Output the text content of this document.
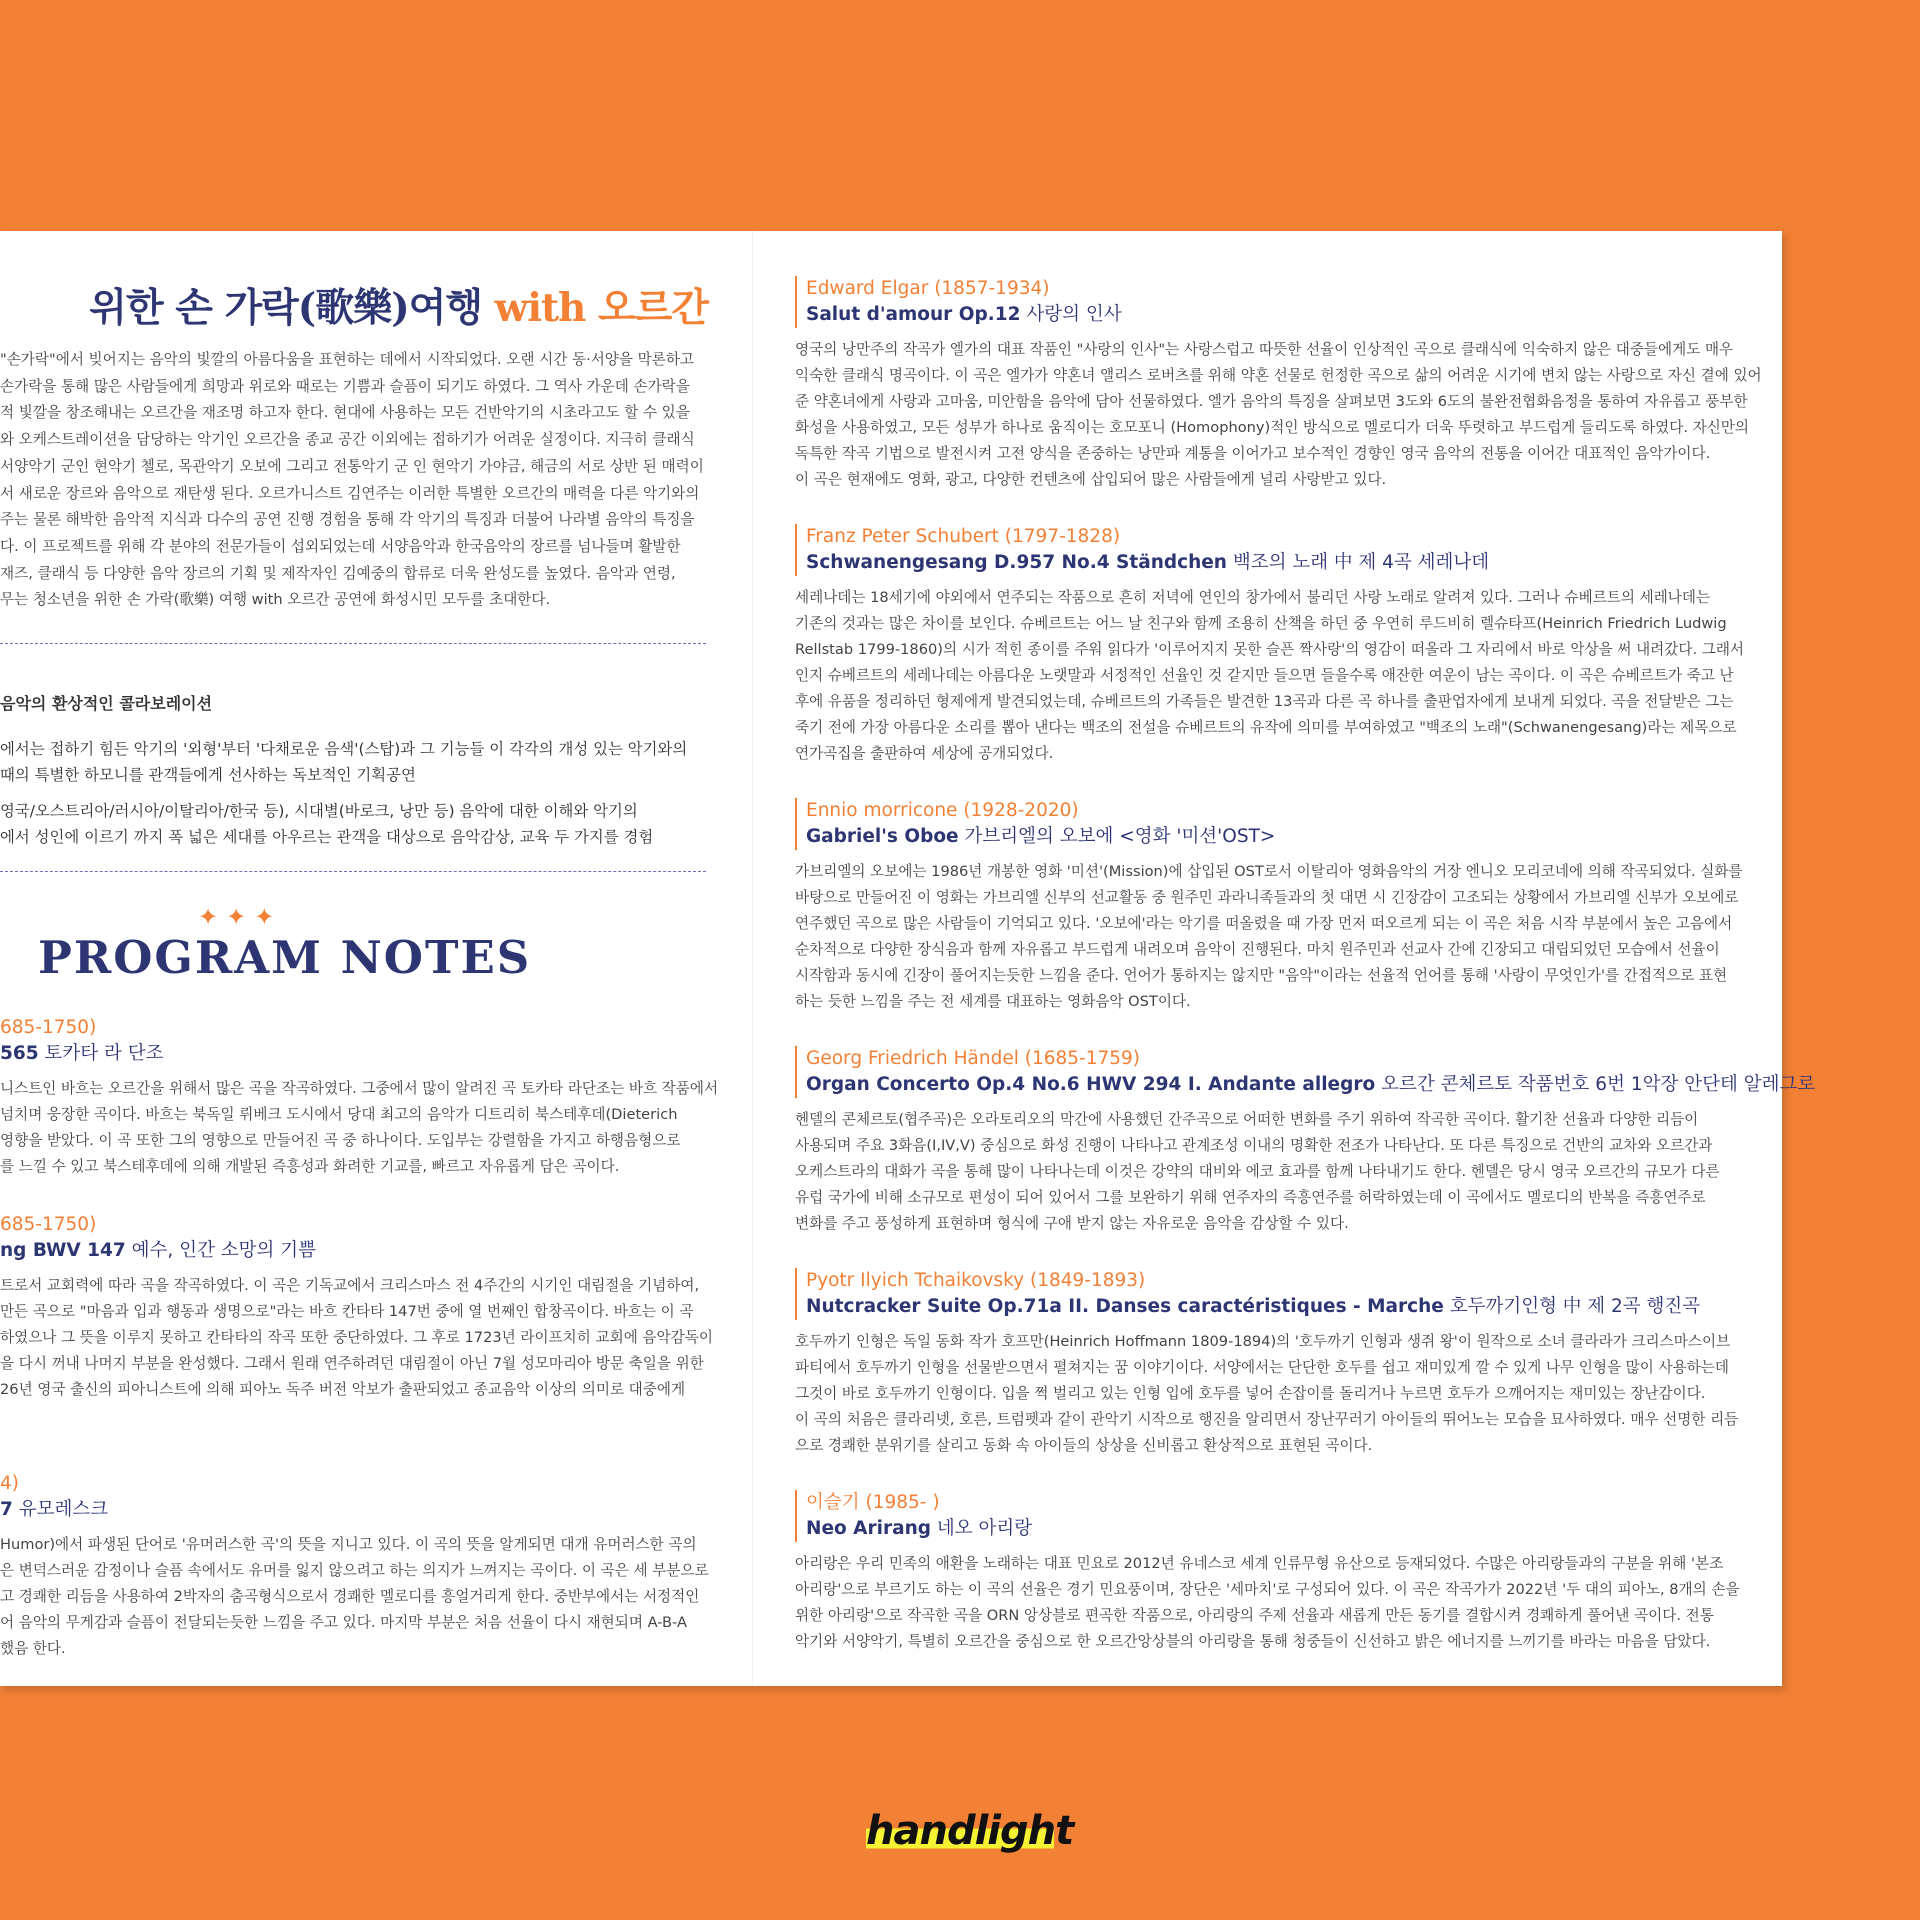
위한 손 가락(歌樂)여행 with 오르간

"손가락"에서 빚어지는 음악의 빛깔의 아름다움을 표현하는 데에서 시작되었다. 오랜 시간 동·서양을 막론하고

손가락을 통해 많은 사람들에게 희망과 위로와 때로는 기쁨과 슬픔이 되기도 하였다. 그 역사 가운데 손가락을

적 빛깔을 창조해내는 오르간을 재조명 하고자 한다. 현대에 사용하는 모든 건반악기의 시초라고도 할 수 있을

와 오케스트레이션을 담당하는 악기인 오르간을 종교 공간 이외에는 접하기가 어려운 실정이다. 지극히 클래식

서양악기 군인 현악기 첼로, 목관악기 오보에 그리고 전통악기 군 인 현악기 가야금, 해금의 서로 상반 된 매력이

서 새로운 장르와 음악으로 재탄생 된다. 오르가니스트 김연주는 이러한 특별한 오르간의 매력을 다른 악기와의

주는 물론 해박한 음악적 지식과 다수의 공연 진행 경험을 통해 각 악기의 특징과 더불어 나라별 음악의 특징을

다. 이 프로젝트를 위해 각 분야의 전문가들이 섭외되었는데 서양음악과 한국음악의 장르를 넘나들며 활발한

재즈, 클래식 등 다양한 음악 장르의 기획 및 제작자인 김예중의 합류로 더욱 완성도를 높였다. 음악과 연령,

무는 청소년을 위한 손 가락(歌樂) 여행 with 오르간 공연에 화성시민 모두를 초대한다.

음악의 환상적인 콜라보레이션

에서는 접하기 힘든 악기의 '외형'부터 '다채로운 음색'(스탑)과 그 기능들 이 각각의 개성 있는 악기와의
때의 특별한 하모니를 관객들에게 선사하는 독보적인 기획공연

영국/오스트리아/러시아/이탈리아/한국 등), 시대별(바로크, 낭만 등) 음악에 대한 이해와 악기의
에서 성인에 이르기 까지 폭 넓은 세대를 아우르는 관객을 대상으로 음악감상, 교육 두 가지를 경험

✦✦✦
PROGRAM NOTES
685-1750)
565 토카타 라 단조
니스트인 바흐는 오르간을 위해서 많은 곡을 작곡하였다. 그중에서 많이 알려진 곡 토카타 라단조는 바흐 작품에서
넘치며 웅장한 곡이다. 바흐는 북독일 뤼베크 도시에서 당대 최고의 음악가 디트리히 북스테후데(Dieterich
영향을 받았다. 이 곡 또한 그의 영향으로 만들어진 곡 중 하나이다. 도입부는 강렬함을 가지고 하행음형으로
를 느낄 수 있고 북스테후데에 의해 개발된 즉흥성과 화려한 기교를, 빠르고 자유롭게 담은 곡이다.
685-1750)
ng BWV 147 예수, 인간 소망의 기쁨
트로서 교회력에 따라 곡을 작곡하였다. 이 곡은 기독교에서 크리스마스 전 4주간의 시기인 대림절을 기념하여,
만든 곡으로 "마음과 입과 행동과 생명으로"라는 바흐 칸타타 147번 중에 열 번째인 합창곡이다. 바흐는 이 곡
하였으나 그 뜻을 이루지 못하고 칸타타의 작곡 또한 중단하였다. 그 후로 1723년 라이프치히 교회에 음악감독이
을 다시 꺼내 나머지 부분을 완성했다. 그래서 원래 연주하려던 대림절이 아닌 7월 성모마리아 방문 축일을 위한
26년 영국 출신의 피아니스트에 의해 피아노 독주 버전 악보가 출판되었고 종교음악 이상의 의미로 대중에게
4)
7 유모레스크
Humor)에서 파생된 단어로 '유머러스한 곡'의 뜻을 지니고 있다. 이 곡의 뜻을 알게되면 대개 유머러스한 곡의
은 변덕스러운 감정이나 슬픔 속에서도 유머를 잃지 않으려고 하는 의지가 느껴지는 곡이다. 이 곡은 세 부분으로
고 경쾌한 리듬을 사용하여 2박자의 춤곡형식으로서 경쾌한 멜로디를 흥얼거리게 한다. 중반부에서는 서정적인
어 음악의 무게감과 슬픔이 전달되는듯한 느낌을 주고 있다. 마지막 부분은 처음 선율이 다시 재현되며 A-B-A
했음 한다.
Edward Elgar (1857-1934)
Salut d'amour Op.12 사랑의 인사
영국의 낭만주의 작곡가 엘가의 대표 작품인 "사랑의 인사"는 사랑스럽고 따뜻한 선율이 인상적인 곡으로 클래식에 익숙하지 않은 대중들에게도 매우
익숙한 클래식 명곡이다. 이 곡은 엘가가 약혼녀 앨리스 로버츠를 위해 약혼 선물로 헌정한 곡으로 삶의 어려운 시기에 변치 않는 사랑으로 자신 곁에 있어
준 약혼녀에게 사랑과 고마움, 미안함을 음악에 담아 선물하였다. 엘가 음악의 특징을 살펴보면 3도와 6도의 불완전협화음정을 통하여 자유롭고 풍부한
화성을 사용하였고, 모든 성부가 하나로 움직이는 호모포니 (Homophony)적인 방식으로 멜로디가 더욱 뚜렷하고 부드럽게 들리도록 하였다. 자신만의
독특한 작곡 기법으로 발전시켜 고전 양식을 존중하는 낭만파 계통을 이어가고 보수적인 경향인 영국 음악의 전통을 이어간 대표적인 음악가이다.
이 곡은 현재에도 영화, 광고, 다양한 컨텐츠에 삽입되어 많은 사람들에게 널리 사랑받고 있다.
Franz Peter Schubert (1797-1828)
Schwanengesang D.957 No.4 Ständchen 백조의 노래 中 제 4곡 세레나데
세레나데는 18세기에 야외에서 연주되는 작품으로 흔히 저녁에 연인의 창가에서 불리던 사랑 노래로 알려져 있다. 그러나 슈베르트의 세레나데는
기존의 것과는 많은 차이를 보인다. 슈베르트는 어느 날 친구와 함께 조용히 산책을 하던 중 우연히 루드비히 렐슈타프(Heinrich Friedrich Ludwig
Rellstab 1799-1860)의 시가 적힌 종이를 주워 읽다가 '이루어지지 못한 슬픈 짝사랑'의 영감이 떠올라 그 자리에서 바로 악상을 써 내려갔다. 그래서
인지 슈베르트의 세레나데는 아름다운 노랫말과 서정적인 선율인 것 같지만 들으면 들을수록 애잔한 여운이 남는 곡이다. 이 곡은 슈베르트가 죽고 난
후에 유품을 정리하던 형제에게 발견되었는데, 슈베르트의 가족들은 발견한 13곡과 다른 곡 하나를 출판업자에게 보내게 되었다. 곡을 전달받은 그는
죽기 전에 가장 아름다운 소리를 뽑아 낸다는 백조의 전설을 슈베르트의 유작에 의미를 부여하였고 "백조의 노래"(Schwanengesang)라는 제목으로
연가곡집을 출판하여 세상에 공개되었다.
Ennio morricone (1928-2020)
Gabriel's Oboe 가브리엘의 오보에 <영화 '미션'OST>
가브리엘의 오보에는 1986년 개봉한 영화 '미션'(Mission)에 삽입된 OST로서 이탈리아 영화음악의 거장 엔니오 모리코네에 의해 작곡되었다. 실화를
바탕으로 만들어진 이 영화는 가브리엘 신부의 선교활동 중 원주민 과라니족들과의 첫 대면 시 긴장감이 고조되는 상황에서 가브리엘 신부가 오보에로
연주했던 곡으로 많은 사람들이 기억되고 있다. '오보에'라는 악기를 떠올렸을 때 가장 먼저 떠오르게 되는 이 곡은 처음 시작 부분에서 높은 고음에서
순차적으로 다양한 장식음과 함께 자유롭고 부드럽게 내려오며 음악이 진행된다. 마치 원주민과 선교사 간에 긴장되고 대립되었던 모습에서 선율이
시작함과 동시에 긴장이 풀어지는듯한 느낌을 준다. 언어가 통하지는 않지만 "음악"이라는 선율적 언어를 통해 '사랑이 무엇인가'를 간접적으로 표현
하는 듯한 느낌을 주는 전 세계를 대표하는 영화음악 OST이다.
Georg Friedrich Händel (1685-1759)
Organ Concerto Op.4 No.6 HWV 294 I. Andante allegro 오르간 콘체르토 작품번호 6번 1악장 안단테 알레그로
헨델의 콘체르토(협주곡)은 오라토리오의 막간에 사용했던 간주곡으로 어떠한 변화를 주기 위하여 작곡한 곡이다. 활기찬 선율과 다양한 리듬이
사용되며 주요 3화음(I,IV,V) 중심으로 화성 진행이 나타나고 관계조성 이내의 명확한 전조가 나타난다. 또 다른 특징으로 건반의 교차와 오르간과
오케스트라의 대화가 곡을 통해 많이 나타나는데 이것은 강약의 대비와 에코 효과를 함께 나타내기도 한다. 헨델은 당시 영국 오르간의 규모가 다른
유럽 국가에 비해 소규모로 편성이 되어 있어서 그를 보완하기 위해 연주자의 즉흥연주를 허락하였는데 이 곡에서도 멜로디의 반복을 즉흥연주로
변화를 주고 풍성하게 표현하며 형식에 구애 받지 않는 자유로운 음악을 감상할 수 있다.
Pyotr Ilyich Tchaikovsky (1849-1893)
Nutcracker Suite Op.71a II. Danses caractéristiques - Marche 호두까기인형 中 제 2곡 행진곡
호두까기 인형은 독일 동화 작가 호프만(Heinrich Hoffmann 1809-1894)의 '호두까기 인형과 생쥐 왕'이 원작으로 소녀 클라라가 크리스마스이브
파티에서 호두까기 인형을 선물받으면서 펼쳐지는 꿈 이야기이다. 서양에서는 단단한 호두를 쉽고 재미있게 깔 수 있게 나무 인형을 많이 사용하는데
그것이 바로 호두까기 인형이다. 입을 쩍 벌리고 있는 인형 입에 호두를 넣어 손잡이를 돌리거나 누르면 호두가 으깨어지는 재미있는 장난감이다.
이 곡의 처음은 클라리넷, 호른, 트럼펫과 같이 관악기 시작으로 행진을 알리면서 장난꾸러기 아이들의 뛰어노는 모습을 묘사하였다. 매우 선명한 리듬
으로 경쾌한 분위기를 살리고 동화 속 아이들의 상상을 신비롭고 환상적으로 표현된 곡이다.
이슬기 (1985- )
Neo Arirang 네오 아리랑
아리랑은 우리 민족의 애환을 노래하는 대표 민요로 2012년 유네스코 세계 인류무형 유산으로 등재되었다. 수많은 아리랑들과의 구분을 위해 '본조
아리랑'으로 부르기도 하는 이 곡의 선율은 경기 민요풍이며, 장단은 '세마치'로 구성되어 있다. 이 곡은 작곡가가 2022년 '두 대의 피아노, 8개의 손을
위한 아리랑'으로 작곡한 곡을 ORN 앙상블로 편곡한 작품으로, 아리랑의 주제 선율과 새롭게 만든 동기를 결합시켜 경쾌하게 풀어낸 곡이다. 전통
악기와 서양악기, 특별히 오르간을 중심으로 한 오르간앙상블의 아리랑을 통해 청중들이 신선하고 밝은 에너지를 느끼기를 바라는 마음을 담았다.
handlight
